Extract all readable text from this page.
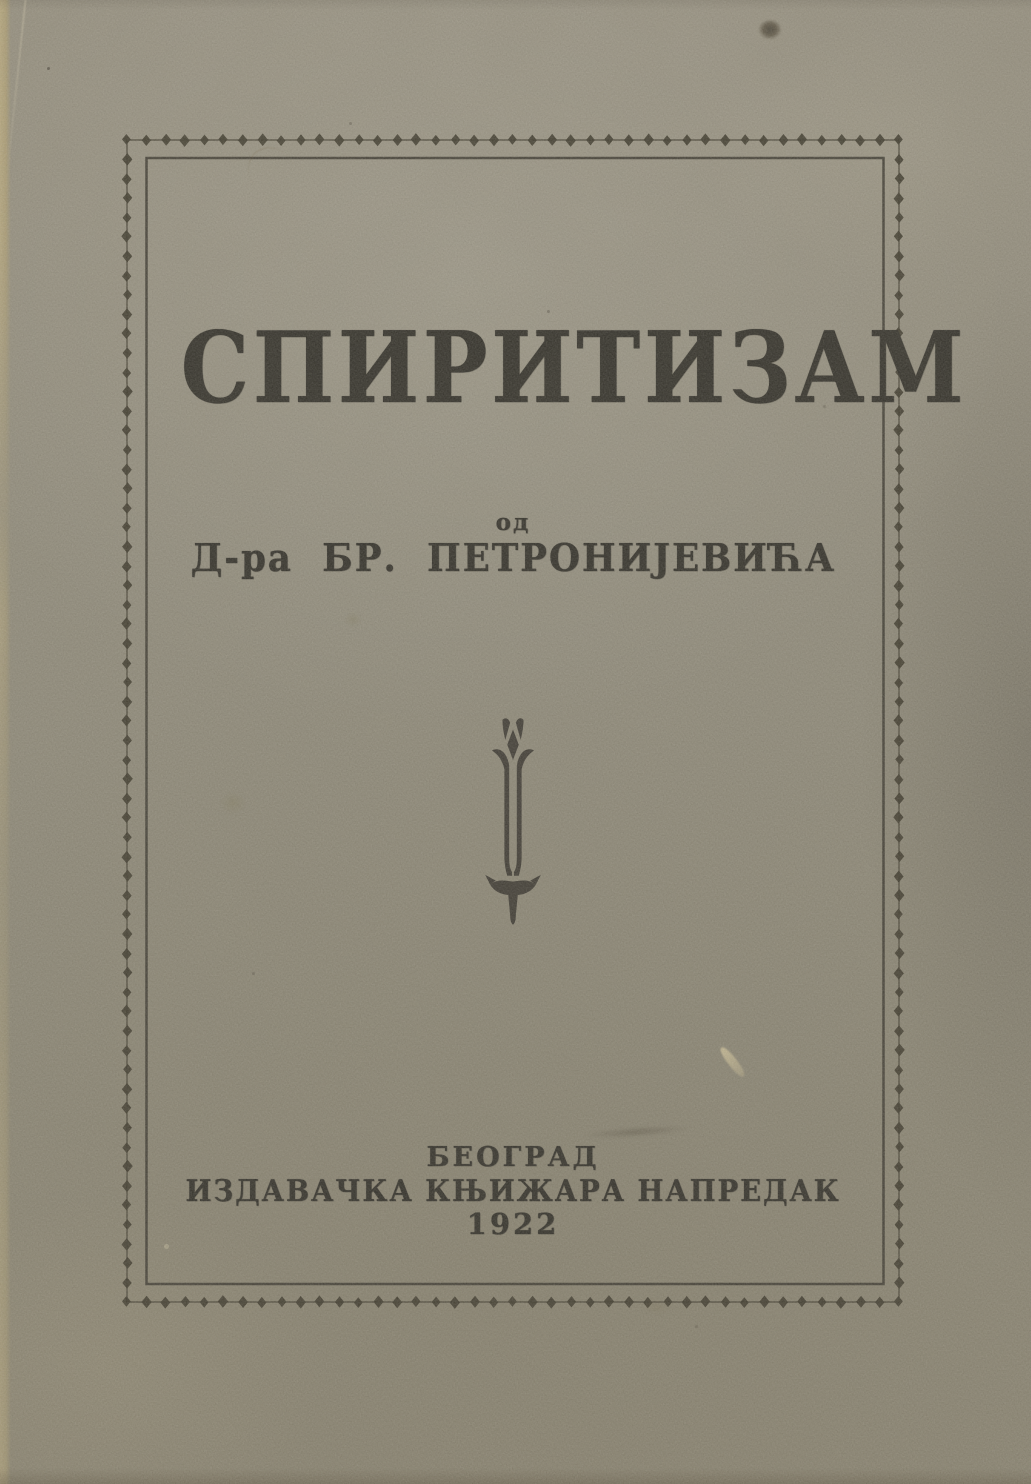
СПИРИТИЗАМ
од
Д-ра БР. ПЕТРОНИЈЕВИЋА
БЕОГРАД
ИЗДАВАЧКА КЊИЖАРА НАПРЕДАК
1922
